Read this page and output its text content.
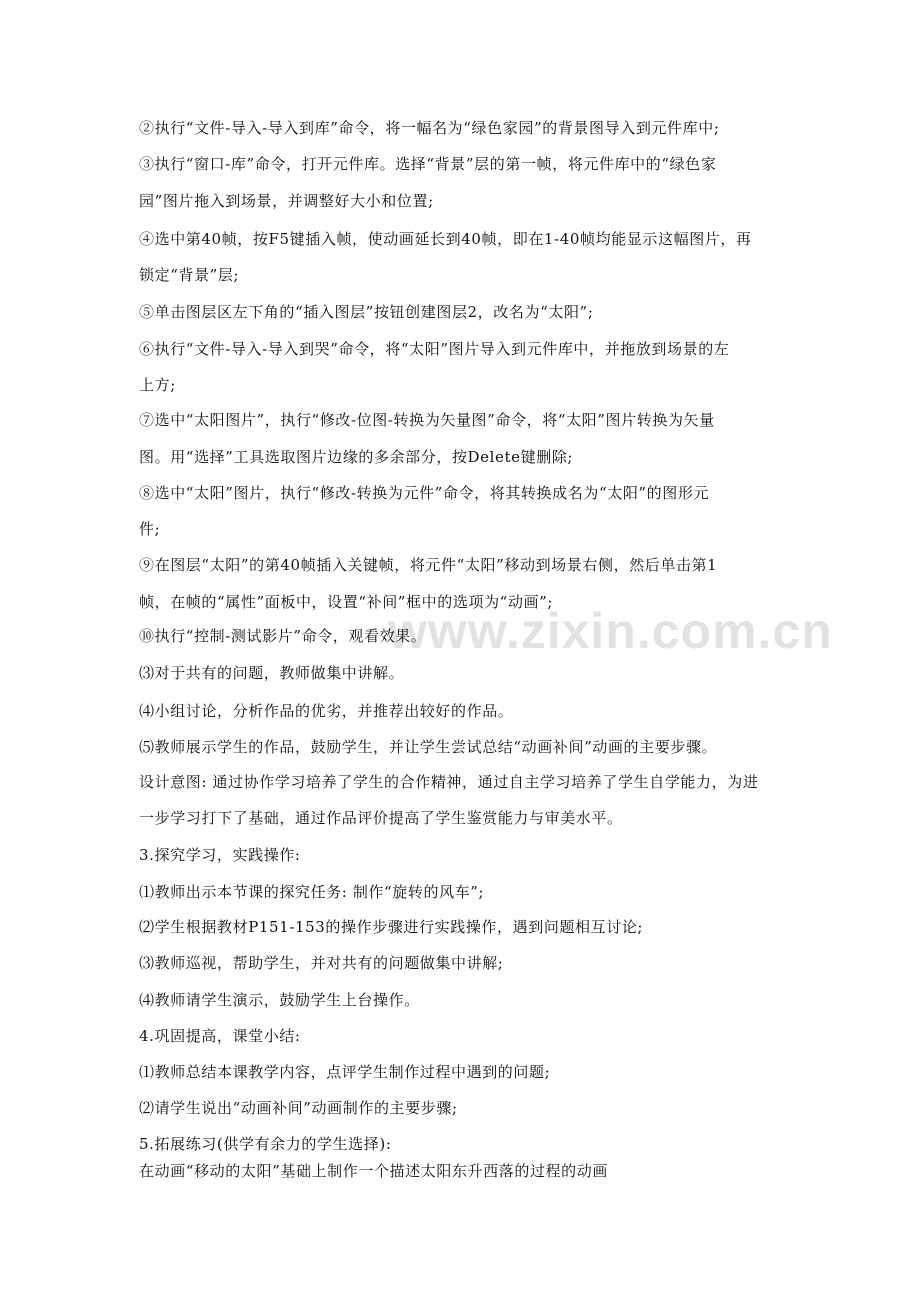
www.zixin.com.cn
②执行“文件-导入-导入到库”命令，将一幅名为“绿色家园”的背景图导入到元件库中;
③执行“窗口-库”命令，打开元件库。选择“背景”层的第一帧，将元件库中的“绿色家
园”图片拖入到场景，并调整好大小和位置;
④选中第40帧，按F5键插入帧，使动画延长到40帧，即在1-40帧均能显示这幅图片，再
锁定“背景”层;
⑤单击图层区左下角的“插入图层”按钮创建图层2，改名为“太阳”;
⑥执行“文件-导入-导入到哭”命令，将“太阳”图片导入到元件库中，并拖放到场景的左
上方;
⑦选中“太阳图片”，执行“修改-位图-转换为矢量图”命令，将“太阳”图片转换为矢量
图。用“选择”工具选取图片边缘的多余部分，按Delete键删除;
⑧选中“太阳”图片，执行“修改-转换为元件”命令，将其转换成名为“太阳”的图形元
件;
⑨在图层“太阳”的第40帧插入关键帧，将元件“太阳”移动到场景右侧，然后单击第1
帧，在帧的“属性”面板中，设置“补间”框中的选项为“动画”;
⑩执行“控制-测试影片”命令，观看效果。
⑶对于共有的问题，教师做集中讲解。
⑷小组讨论，分析作品的优劣，并推荐出较好的作品。
⑸教师展示学生的作品，鼓励学生，并让学生尝试总结“动画补间”动画的主要步骤。
设计意图: 通过协作学习培养了学生的合作精神，通过自主学习培养了学生自学能力，为进
一步学习打下了基础，通过作品评价提高了学生鉴赏能力与审美水平。
3.探究学习，实践操作:
⑴教师出示本节课的探究任务: 制作“旋转的风车”;
⑵学生根据教材P151-153的操作步骤进行实践操作，遇到问题相互讨论;
⑶教师巡视，帮助学生，并对共有的问题做集中讲解;
⑷教师请学生演示，鼓励学生上台操作。
4.巩固提高，课堂小结:
⑴教师总结本课教学内容，点评学生制作过程中遇到的问题;
⑵请学生说出“动画补间”动画制作的主要步骤;
5.拓展练习(供学有余力的学生选择):
在动画“移动的太阳”基础上制作一个描述太阳东升西落的过程的动画
